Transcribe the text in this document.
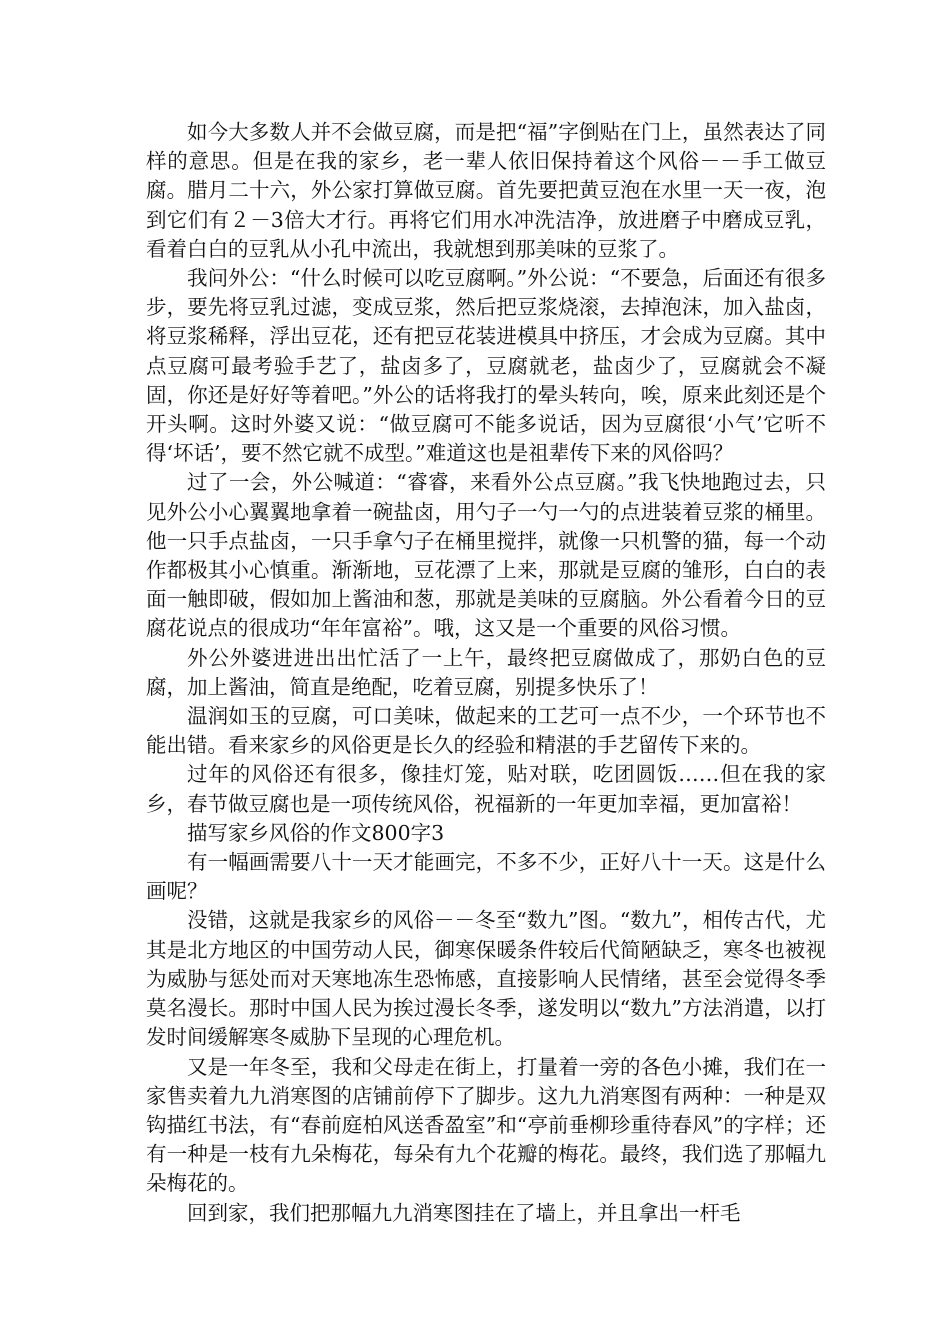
如今大多数人并不会做豆腐，而是把“福”字倒贴在门上，虽然表达了同样的意思。但是在我的家乡，老一辈人依旧保持着这个风俗－－手工做豆腐。腊月二十六，外公家打算做豆腐。首先要把黄豆泡在水里一天一夜，泡到它们有２－3倍大才行。再将它们用水冲洗洁净，放进磨子中磨成豆乳，看着白白的豆乳从小孔中流出，我就想到那美味的豆浆了。

我问外公：“什么时候可以吃豆腐啊。”外公说：“不要急，后面还有很多步，要先将豆乳过滤，变成豆浆，然后把豆浆烧滚，去掉泡沫，加入盐卤，将豆浆稀释，浮出豆花，还有把豆花装进模具中挤压，才会成为豆腐。其中点豆腐可最考验手艺了，盐卤多了，豆腐就老，盐卤少了，豆腐就会不凝固，你还是好好等着吧。”外公的话将我打的晕头转向，唉，原来此刻还是个开头啊。这时外婆又说：“做豆腐可不能多说话，因为豆腐很‘小气’它听不得‘坏话’，要不然它就不成型。”难道这也是祖辈传下来的风俗吗？

过了一会，外公喊道：“睿睿，来看外公点豆腐。”我飞快地跑过去，只见外公小心翼翼地拿着一碗盐卤，用勺子一勺一勺的点进装着豆浆的桶里。他一只手点盐卤，一只手拿勺子在桶里搅拌，就像一只机警的猫，每一个动作都极其小心慎重。渐渐地，豆花漂了上来，那就是豆腐的雏形，白白的表面一触即破，假如加上酱油和葱，那就是美味的豆腐脑。外公看着今日的豆腐花说点的很成功“年年富裕”。哦，这又是一个重要的风俗习惯。

外公外婆进进出出忙活了一上午，最终把豆腐做成了，那奶白色的豆腐，加上酱油，简直是绝配，吃着豆腐，别提多快乐了！

温润如玉的豆腐，可口美味，做起来的工艺可一点不少，一个环节也不能出错。看来家乡的风俗更是长久的经验和精湛的手艺留传下来的。

过年的风俗还有很多，像挂灯笼，贴对联，吃团圆饭……但在我的家乡，春节做豆腐也是一项传统风俗，祝福新的一年更加幸福，更加富裕！

描写家乡风俗的作文800字3

有一幅画需要八十一天才能画完，不多不少，正好八十一天。这是什么画呢？

没错，这就是我家乡的风俗－－冬至“数九”图。“数九”，相传古代，尤其是北方地区的中国劳动人民，御寒保暖条件较后代简陋缺乏，寒冬也被视为威胁与惩处而对天寒地冻生恐怖感，直接影响人民情绪，甚至会觉得冬季莫名漫长。那时中国人民为挨过漫长冬季，遂发明以“数九”方法消遣，以打发时间缓解寒冬威胁下呈现的心理危机。

又是一年冬至，我和父母走在街上，打量着一旁的各色小摊，我们在一家售卖着九九消寒图的店铺前停下了脚步。这九九消寒图有两种：一种是双钩描红书法，有“春前庭柏风送香盈室”和“亭前垂柳珍重待春风”的字样；还有一种是一枝有九朵梅花，每朵有九个花瓣的梅花。最终，我们选了那幅九朵梅花的。

回到家，我们把那幅九九消寒图挂在了墙上，并且拿出一杆毛
